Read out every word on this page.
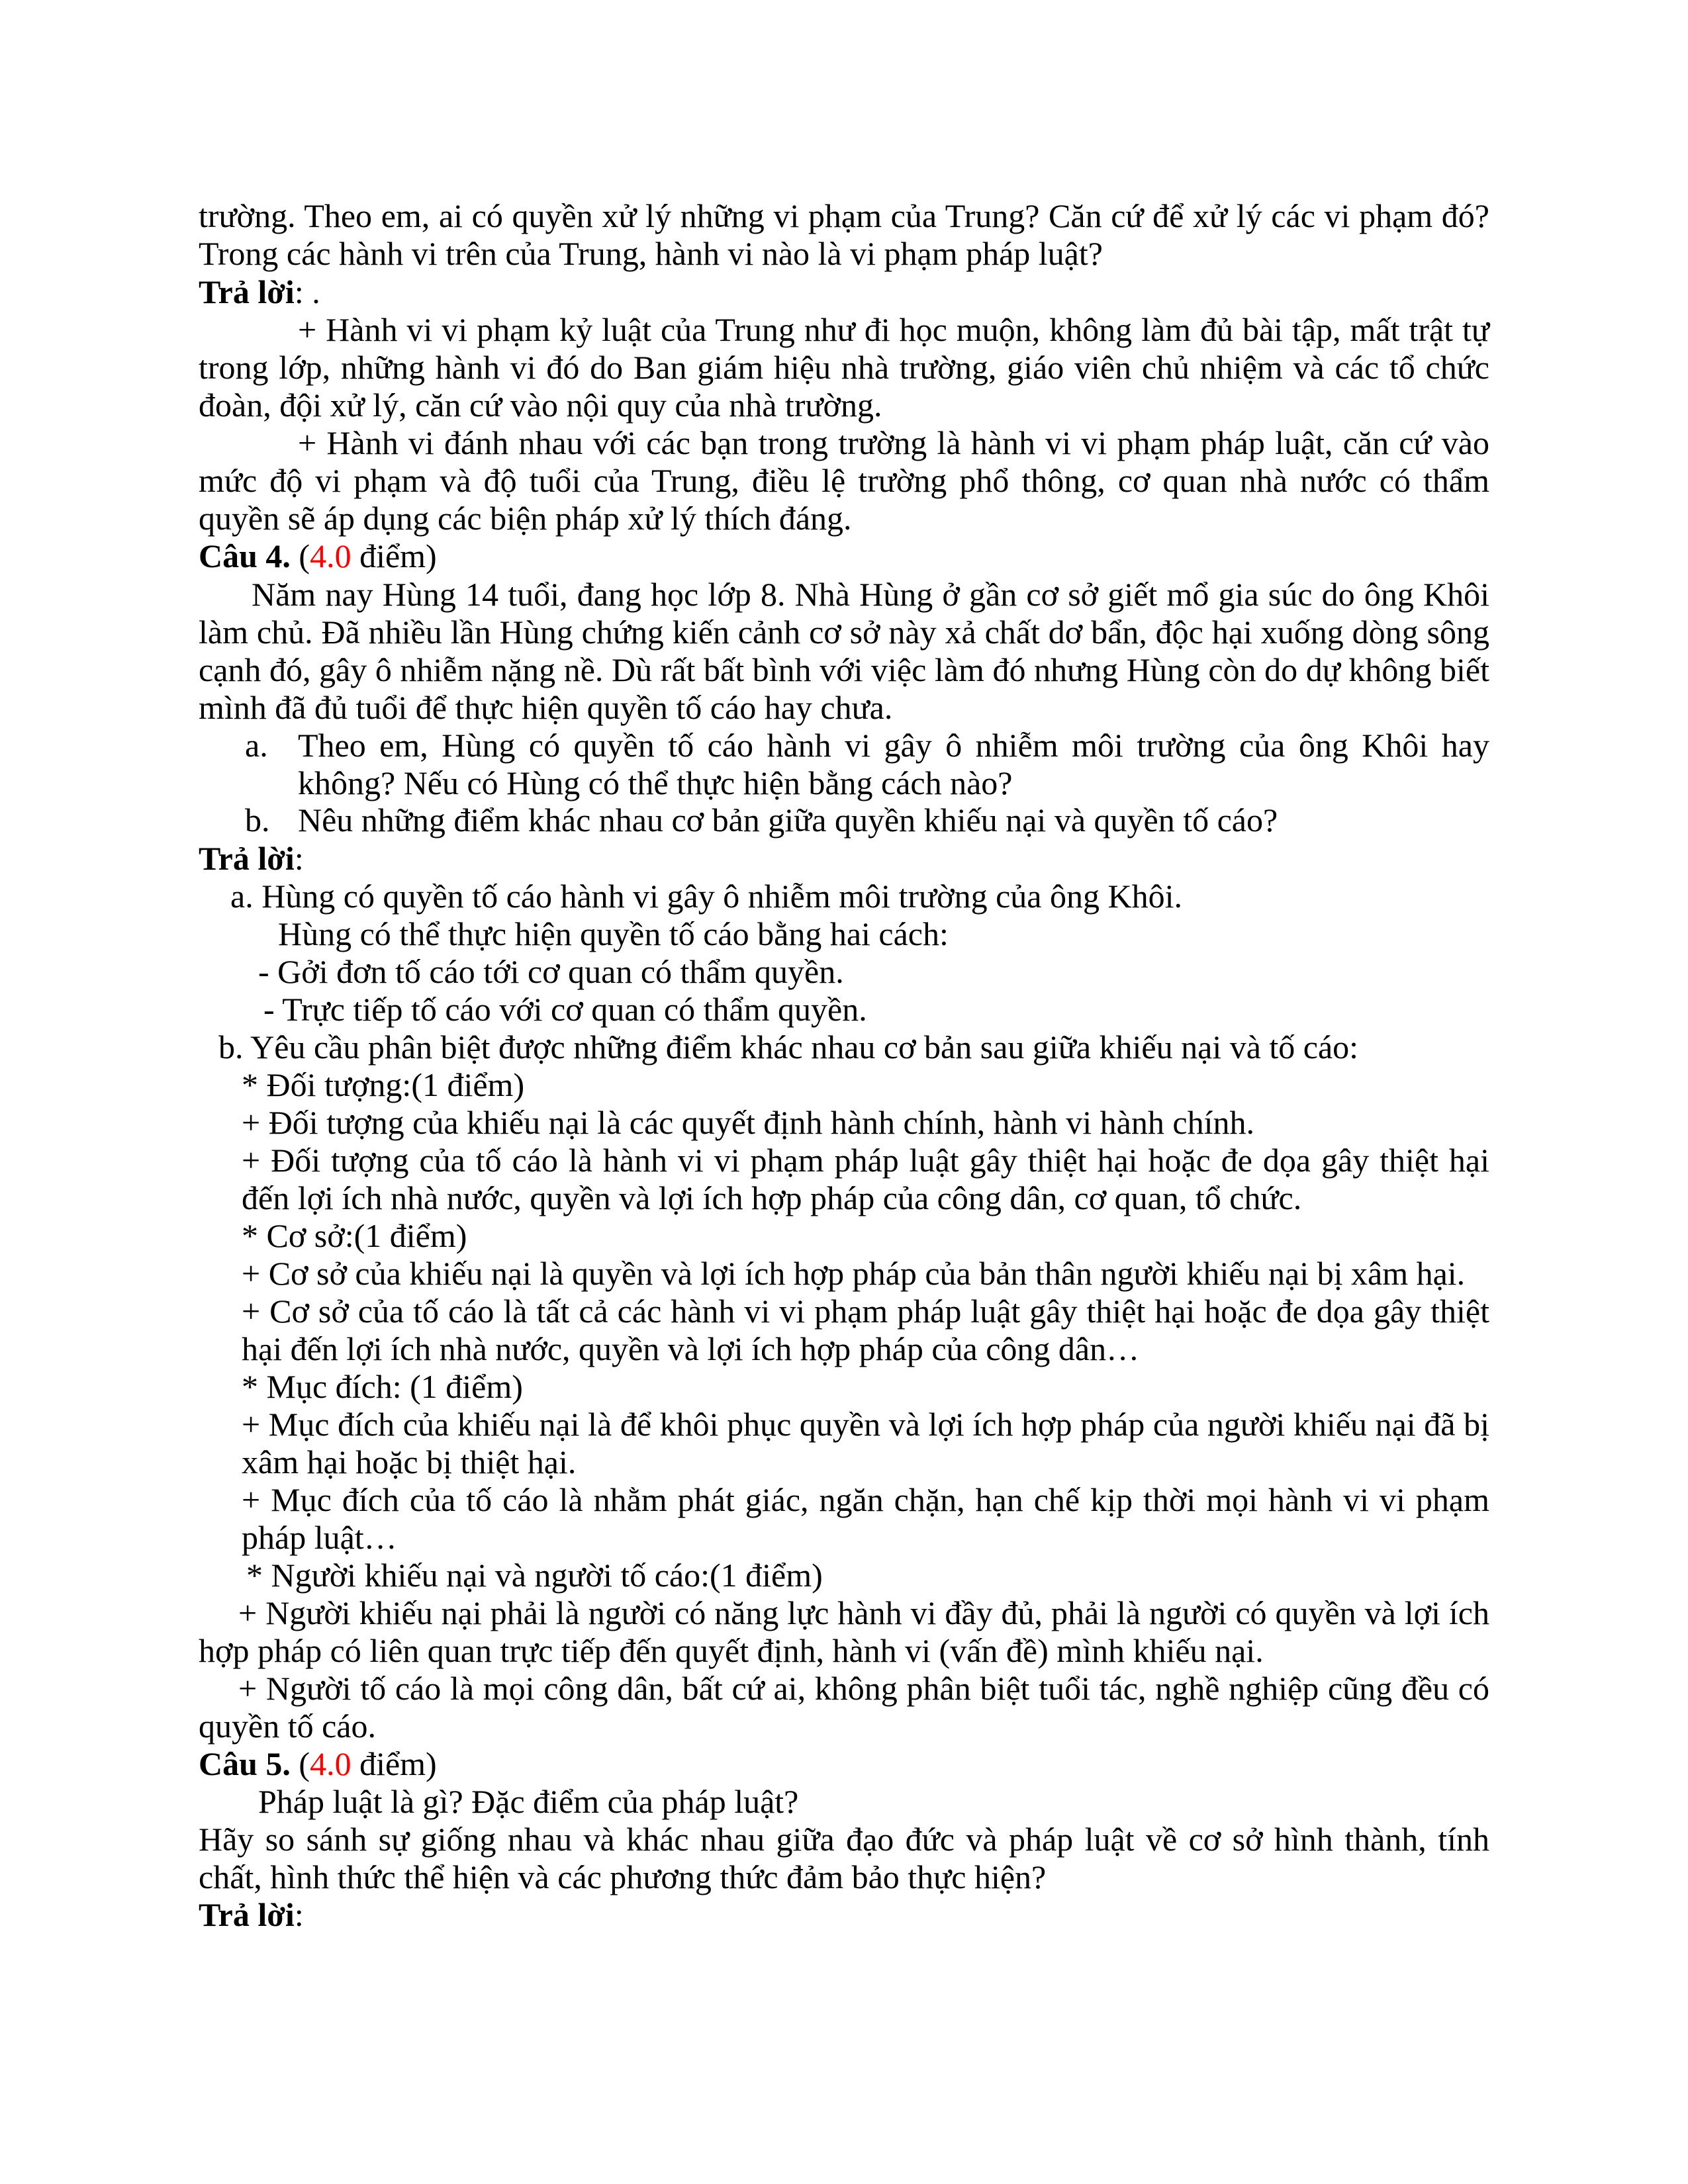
trường. Theo em, ai có quyền xử lý những vi phạm của Trung? Căn cứ để xử lý các vi phạm đó? Trong các hành vi trên của Trung, hành vi nào là vi phạm pháp luật?

Trả lời: .

+ Hành vi vi phạm kỷ luật của Trung như đi học muộn, không làm đủ bài tập, mất trật tự trong lớp, những hành vi đó do Ban giám hiệu nhà trường, giáo viên chủ nhiệm và các tổ chức đoàn, đội xử lý, căn cứ vào nội quy của nhà trường.

+ Hành vi đánh nhau với các bạn trong trường là hành vi vi phạm pháp luật, căn cứ vào mức độ vi phạm và độ tuổi của Trung, điều lệ trường phổ thông, cơ quan nhà nước có thẩm quyền sẽ áp dụng các biện pháp xử lý thích đáng.

Câu 4. (4.0 điểm)

Năm nay Hùng 14 tuổi, đang học lớp 8. Nhà Hùng ở gần cơ sở giết mổ gia súc do ông Khôi làm chủ. Đã nhiều lần Hùng chứng kiến cảnh cơ sở này xả chất dơ bẩn, độc hại xuống dòng sông cạnh đó, gây ô nhiễm nặng nề. Dù rất bất bình với việc làm đó nhưng Hùng còn do dự không biết mình đã đủ tuổi để thực hiện quyền tố cáo hay chưa.

a. Theo em, Hùng có quyền tố cáo hành vi gây ô nhiễm môi trường của ông Khôi hay không? Nếu có Hùng có thể thực hiện bằng cách nào?

b. Nêu những điểm khác nhau cơ bản giữa quyền khiếu nại và quyền tố cáo?

Trả lời:

a. Hùng có quyền tố cáo hành vi gây ô nhiễm môi trường của ông Khôi.

Hùng có thể thực hiện quyền tố cáo bằng hai cách:

- Gởi đơn tố cáo tới cơ quan có thẩm quyền.

- Trực tiếp tố cáo với cơ quan có thẩm quyền.

b. Yêu cầu phân biệt được những điểm khác nhau cơ bản sau giữa khiếu nại và tố cáo:

* Đối tượng:(1 điểm)

+ Đối tượng của khiếu nại là các quyết định hành chính, hành vi hành chính.

+ Đối tượng của tố cáo là hành vi vi phạm pháp luật gây thiệt hại hoặc đe dọa gây thiệt hại đến lợi ích nhà nước, quyền và lợi ích hợp pháp của công dân, cơ quan, tổ chức.

* Cơ sở:(1 điểm)

+ Cơ sở của khiếu nại là quyền và lợi ích hợp pháp của bản thân người khiếu nại bị xâm hại.

+ Cơ sở của tố cáo là tất cả các hành vi vi phạm pháp luật gây thiệt hại hoặc đe dọa gây thiệt hại đến lợi ích nhà nước, quyền và lợi ích hợp pháp của công dân…

* Mục đích: (1 điểm)

+ Mục đích của khiếu nại là để khôi phục quyền và lợi ích hợp pháp của người khiếu nại đã bị xâm hại hoặc bị thiệt hại.

+ Mục đích của tố cáo là nhằm phát giác, ngăn chặn, hạn chế kịp thời mọi hành vi vi phạm pháp luật…

* Người khiếu nại và người tố cáo:(1 điểm)

+ Người khiếu nại phải là người có năng lực hành vi đầy đủ, phải là người có quyền và lợi ích hợp pháp có liên quan trực tiếp đến quyết định, hành vi (vấn đề) mình khiếu nại.

+ Người tố cáo là mọi công dân, bất cứ ai, không phân biệt tuổi tác, nghề nghiệp cũng đều có quyền tố cáo.

Câu 5. (4.0 điểm)

Pháp luật là gì? Đặc điểm của pháp luật?

Hãy so sánh sự giống nhau và khác nhau giữa đạo đức và pháp luật về cơ sở hình thành, tính chất, hình thức thể hiện và các phương thức đảm bảo thực hiện?

Trả lời:
